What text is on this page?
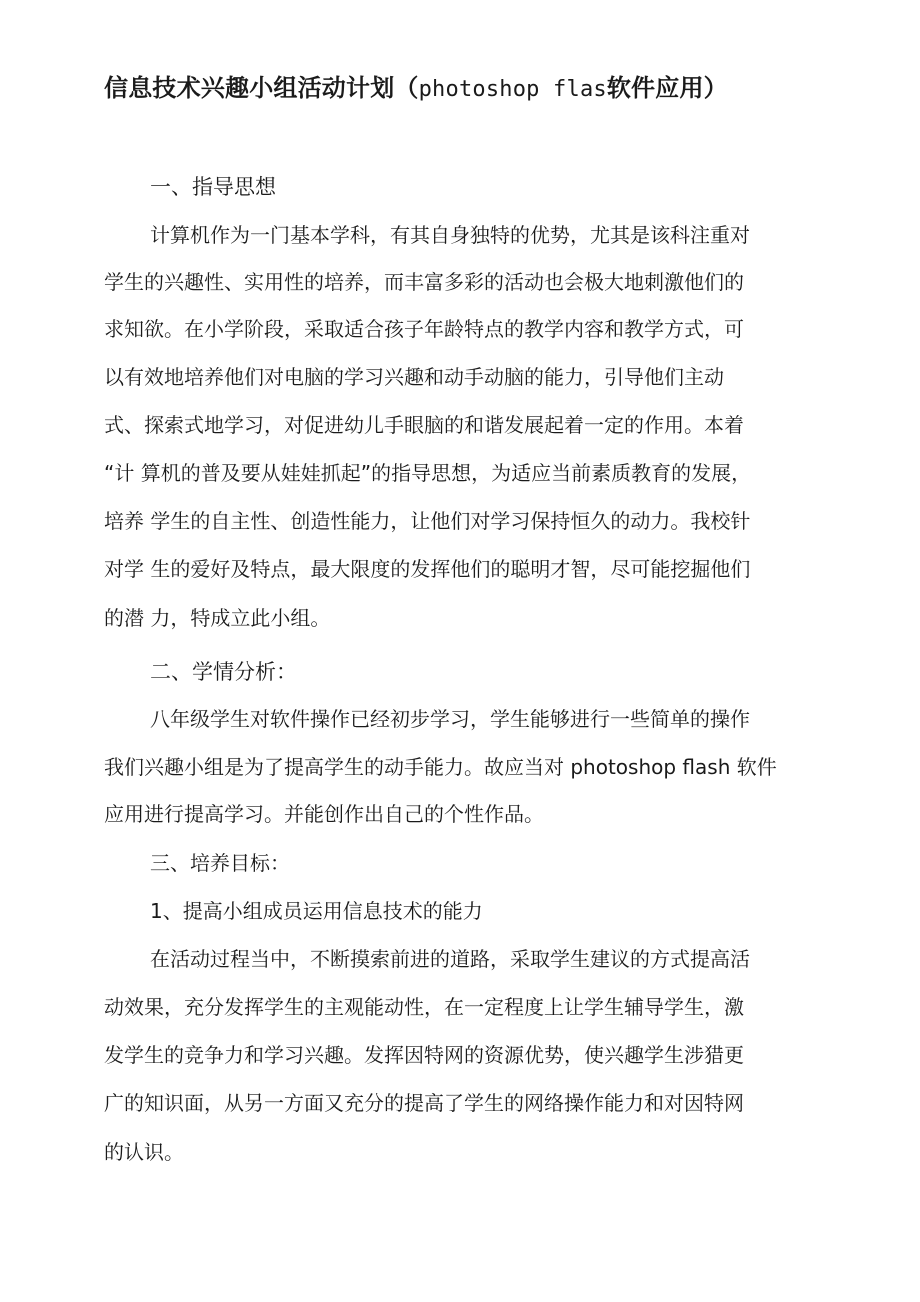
信息技术兴趣小组活动计划（photoshop flas软件应用）
一、指导思想
计算机作为一门基本学科，有其自身独特的优势，尤其是该科注重对
学生的兴趣性、实用性的培养，而丰富多彩的活动也会极大地刺激他们的
求知欲。在小学阶段，采取适合孩子年龄特点的教学内容和教学方式，可
以有效地培养他们对电脑的学习兴趣和动手动脑的能力，引导他们主动
式、探索式地学习，对促进幼儿手眼脑的和谐发展起着一定的作用。本着
“计 算机的普及要从娃娃抓起”的指导思想，为适应当前素质教育的发展，
培养 学生的自主性、创造性能力，让他们对学习保持恒久的动力。我校针
对学 生的爱好及特点，最大限度的发挥他们的聪明才智，尽可能挖掘他们
的潜 力，特成立此小组。
二、学情分析：
八年级学生对软件操作已经初步学习，学生能够进行一些简单的操作
我们兴趣小组是为了提高学生的动手能力。故应当对 photoshop flash 软件
应用进行提高学习。并能创作出自己的个性作品。
三、培养目标：
1、提高小组成员运用信息技术的能力
在活动过程当中，不断摸索前进的道路，采取学生建议的方式提高活
动效果，充分发挥学生的主观能动性，在一定程度上让学生辅导学生，激
发学生的竞争力和学习兴趣。发挥因特网的资源优势，使兴趣学生涉猎更
广的知识面，从另一方面又充分的提高了学生的网络操作能力和对因特网
的认识。
